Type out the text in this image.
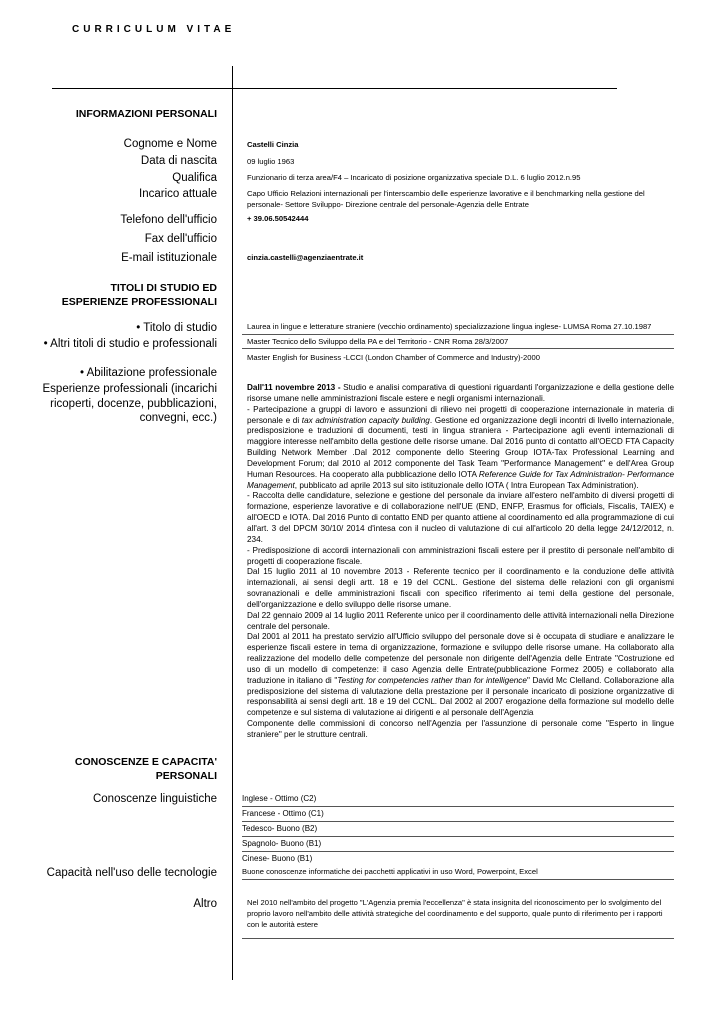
CURRICULUM VITAE
INFORMAZIONI PERSONALI
Cognome e Nome
Data di nascita
Qualifica
Incarico attuale
Telefono dell'ufficio
Fax dell'ufficio
E-mail istituzionale
Castelli Cinzia
09 luglio 1963
Funzionario di terza area/F4 – Incaricato di posizione organizzativa speciale D.L. 6 luglio 2012.n.95
Capo Ufficio Relazioni internazionali per l'interscambio delle esperienze lavorative e il benchmarking nella gestione del personale- Settore Sviluppo- Direzione centrale del personale-Agenzia delle Entrate
+ 39.06.50542444
cinzia.castelli@agenziaentrate.it
TITOLI DI STUDIO ED ESPERIENZE PROFESSIONALI
• Titolo di studio
• Altri titoli di studio e professionali
• Abilitazione professionale
Esperienze professionali (incarichi ricoperti, docenze, pubblicazioni, convegni, ecc.)
Laurea in lingue e letterature straniere (vecchio ordinamento) specializzazione lingua inglese- LUMSA Roma 27.10.1987
Master Tecnico dello Sviluppo della PA e del Territorio - CNR Roma 28/3/2007
Master English for Business -LCCI (London Chamber of Commerce and Industry)-2000

Dall'11 novembre 2013 - Studio e analisi comparativa di questioni riguardanti l'organizzazione e della gestione delle risorse umane nelle amministrazioni fiscale estere e negli organismi internazionali.

- Partecipazione a gruppi di lavoro e assunzioni di rilievo nei progetti di cooperazione internazionale in materia di personale e di tax administration capacity building. Gestione ed organizzazione degli incontri di livello internazionale, predisposizione e traduzioni di documenti, testi in lingua straniera - Partecipazione agli eventi internazionali di maggiore interesse nell'ambito della gestione delle risorse umane. Dal 2016 punto di contatto all'OECD FTA Capacity Building Network Member .Dal 2012 componente dello Steering Group IOTA-Tax Professional Learning and Development Forum; dal 2010 al 2012 componente del Task Team "Performance Management" e dell'Area Group Human Resources. Ha cooperato alla pubblicazione dello IOTA Reference Guide for Tax Administration- Performance Management, pubblicato ad aprile 2013 sul sito istituzionale dello IOTA ( Intra European Tax Administration).

- Raccolta delle candidature, selezione e gestione del personale da inviare all'estero nell'ambito di diversi progetti di formazione, esperienze lavorative e di collaborazione nell'UE (END, ENFP, Erasmus for officials, Fiscalis, TAIEX) e all'OECD e IOTA. Dal 2016 Punto di contatto END per quanto attiene al coordinamento ed alla programmazione di cui all'art. 3 del DPCM 30/10/ 2014 d'intesa con il nucleo di valutazione di cui all'articolo 20 della legge 24/12/2012, n. 234.

- Predisposizione di accordi internazionali con amministrazioni fiscali estere per il prestito di personale nell'ambito di progetti di cooperazione fiscale.

Dal 15 luglio 2011 al 10 novembre 2013 - Referente tecnico per il coordinamento e la conduzione delle attività internazionali, ai sensi degli artt. 18 e 19 del CCNL. Gestione del sistema delle relazioni con gli organismi sovranazionali e delle amministrazioni fiscali con specifico riferimento ai temi della gestione del personale, dell'organizzazione e dello sviluppo delle risorse umane.

Dal 22 gennaio 2009 al 14 luglio 2011 Referente unico per il coordinamento delle attività internazionali nella Direzione centrale del personale.

Dal 2001 al 2011 ha prestato servizio all'Ufficio sviluppo del personale dove si è occupata di studiare e analizzare le esperienze fiscali estere in tema di organizzazione, formazione e sviluppo delle risorse umane. Ha collaborato alla realizzazione del modello delle competenze del personale non dirigente dell'Agenzia delle Entrate "Costruzione ed uso di un modello di competenze: il caso Agenzia delle Entrate(pubblicazione Formez 2005) e collaborato alla traduzione in italiano di "Testing for competencies rather than for intelligence" David Mc Clelland. Collaborazione alla predisposizione del sistema di valutazione della prestazione per il personale incaricato di posizione organizzative di responsabilità ai sensi degli artt. 18 e 19 del CCNL. Dal 2002 al 2007 erogazione della formazione sul modello delle competenze e sul sistema di valutazione ai dirigenti e al personale dell'Agenzia

Componente delle commissioni di concorso nell'Agenzia per l'assunzione di personale come "Esperto in lingue straniere" per le strutture centrali.

CONOSCENZE E CAPACITA' PERSONALI
Conoscenze linguistiche
Capacità nell'uso delle tecnologie
Altro
Inglese - Ottimo (C2)
Francese - Ottimo (C1)
Tedesco- Buono (B2)
Spagnolo- Buono (B1)
Cinese- Buono (B1)
Buone conoscenze informatiche dei pacchetti applicativi in uso Word, Powerpoint, Excel
Nel 2010 nell'ambito del progetto "L'Agenzia premia l'eccellenza" è stata insignita del riconoscimento per lo svolgimento del proprio lavoro nell'ambito delle attività strategiche del coordinamento e del supporto, quale punto di riferimento per i rapporti con le autorità estere
